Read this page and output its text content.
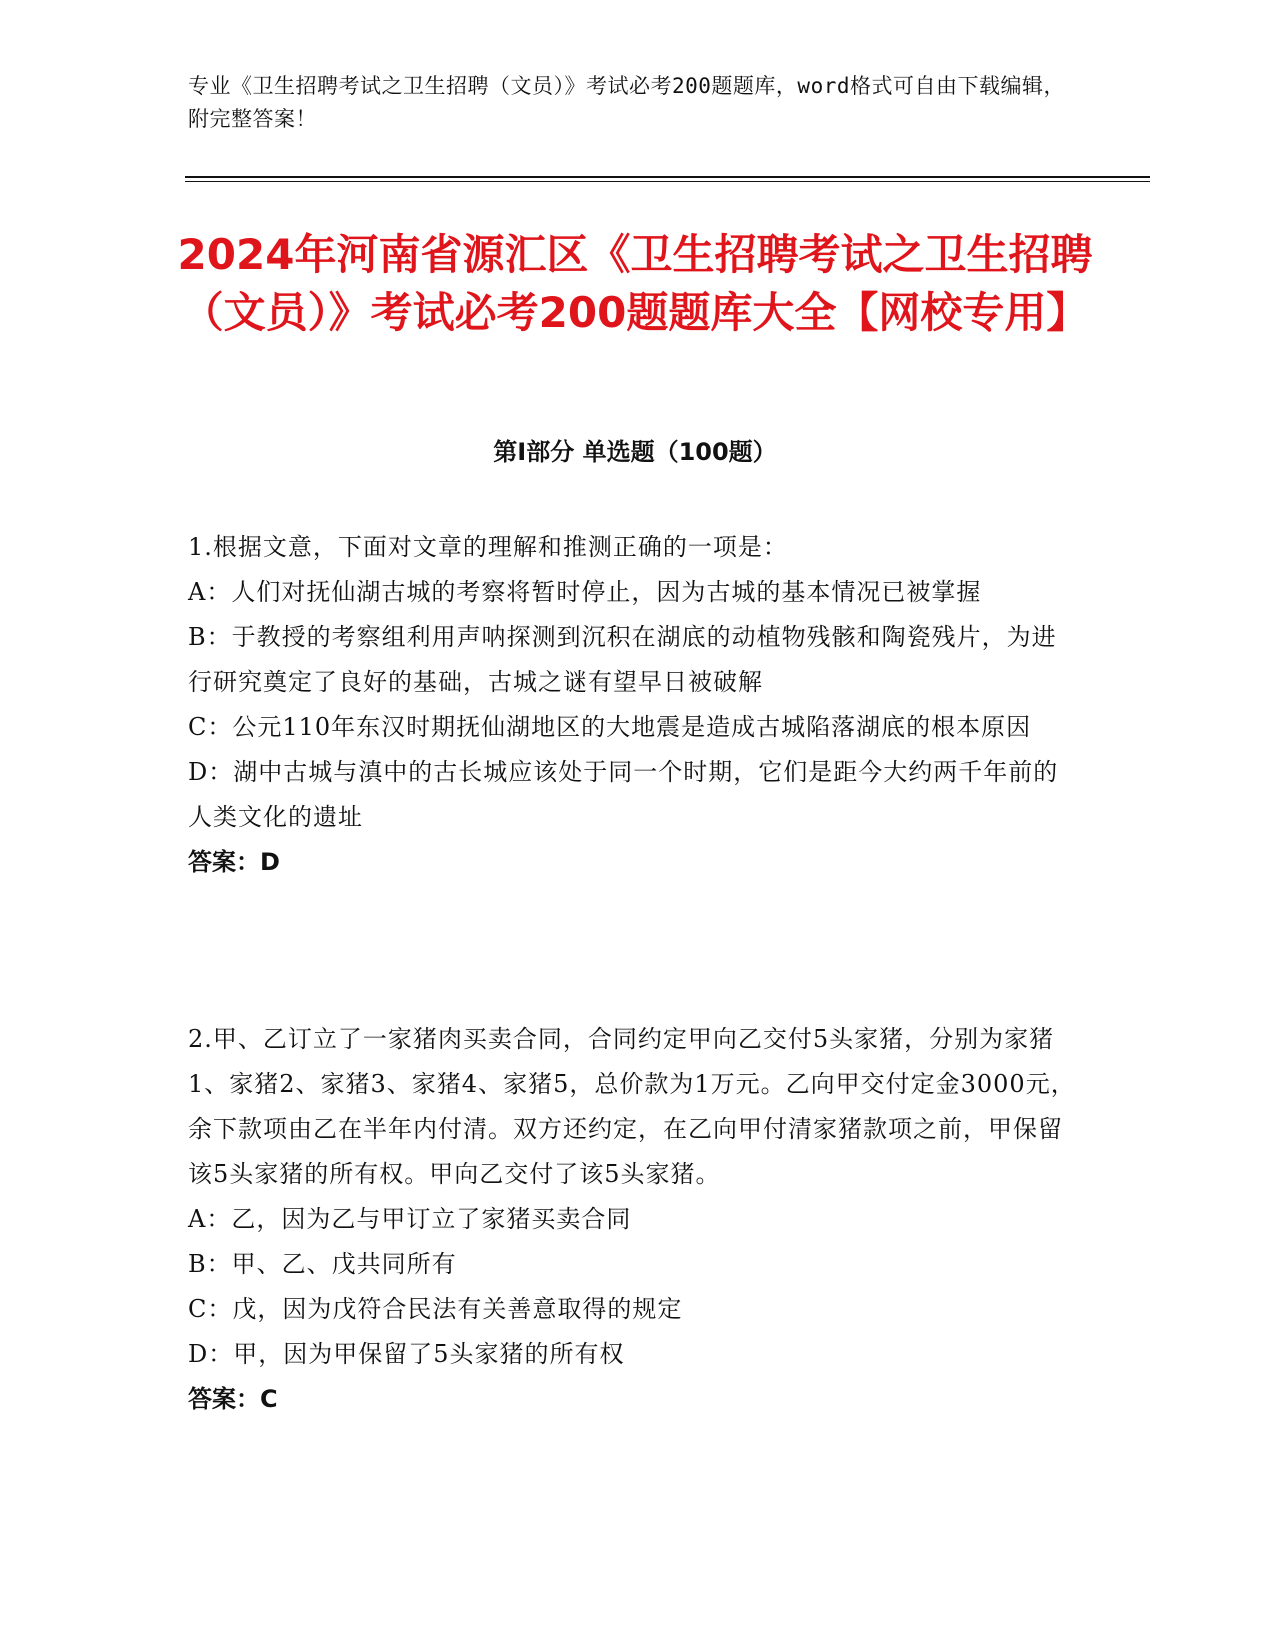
专业《卫生招聘考试之卫生招聘（文员）》考试必考200题题库，word格式可自由下载编辑，附完整答案！
2024年河南省源汇区《卫生招聘考试之卫生招聘（文员）》考试必考200题题库大全【网校专用】
第I部分 单选题（100题）
1.根据文意，下面对文章的理解和推测正确的一项是：
A：人们对抚仙湖古城的考察将暂时停止，因为古城的基本情况已被掌握
B：于教授的考察组利用声呐探测到沉积在湖底的动植物残骸和陶瓷残片，为进行研究奠定了良好的基础，古城之谜有望早日被破解
C：公元110年东汉时期抚仙湖地区的大地震是造成古城陷落湖底的根本原因
D：湖中古城与滇中的古长城应该处于同一个时期，它们是距今大约两千年前的人类文化的遗址
答案：D
2.甲、乙订立了一家猪肉买卖合同，合同约定甲向乙交付5头家猪，分别为家猪1、家猪2、家猪3、家猪4、家猪5，总价款为1万元。乙向甲交付定金3000元，余下款项由乙在半年内付清。双方还约定，在乙向甲付清家猪款项之前，甲保留该5头家猪的所有权。甲向乙交付了该5头家猪。
A：乙，因为乙与甲订立了家猪买卖合同
B：甲、乙、戊共同所有
C：戊，因为戊符合民法有关善意取得的规定
D：甲，因为甲保留了5头家猪的所有权
答案：C
